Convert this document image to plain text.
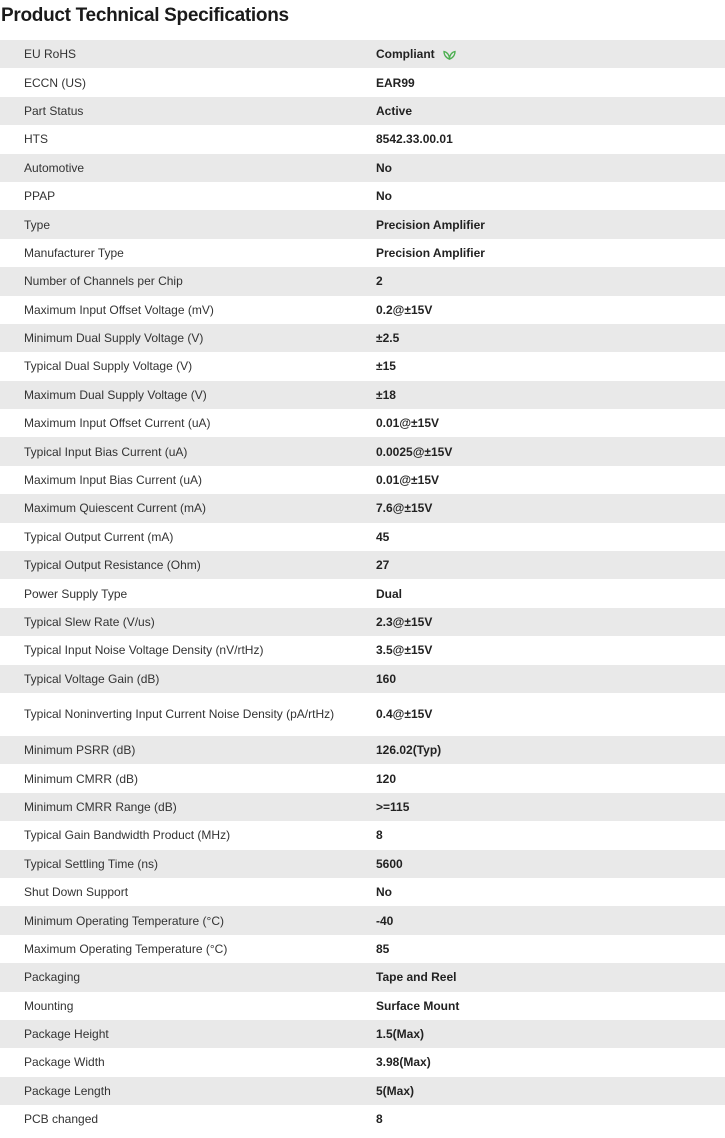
Product Technical Specifications
EU RoHS	Compliant
ECCN (US)	EAR99
Part Status	Active
HTS	8542.33.00.01
Automotive	No
PPAP	No
Type	Precision Amplifier
Manufacturer Type	Precision Amplifier
Number of Channels per Chip	2
Maximum Input Offset Voltage (mV)	0.2@±15V
Minimum Dual Supply Voltage (V)	±2.5
Typical Dual Supply Voltage (V)	±15
Maximum Dual Supply Voltage (V)	±18
Maximum Input Offset Current (uA)	0.01@±15V
Typical Input Bias Current (uA)	0.0025@±15V
Maximum Input Bias Current (uA)	0.01@±15V
Maximum Quiescent Current (mA)	7.6@±15V
Typical Output Current (mA)	45
Typical Output Resistance (Ohm)	27
Power Supply Type	Dual
Typical Slew Rate (V/us)	2.3@±15V
Typical Input Noise Voltage Density (nV/rtHz)	3.5@±15V
Typical Voltage Gain (dB)	160
Typical Noninverting Input Current Noise Density (pA/rtHz)	0.4@±15V
Minimum PSRR (dB)	126.02(Typ)
Minimum CMRR (dB)	120
Minimum CMRR Range (dB)	>=115
Typical Gain Bandwidth Product (MHz)	8
Typical Settling Time (ns)	5600
Shut Down Support	No
Minimum Operating Temperature (°C)	-40
Maximum Operating Temperature (°C)	85
Packaging	Tape and Reel
Mounting	Surface Mount
Package Height	1.5(Max)
Package Width	3.98(Max)
Package Length	5(Max)
PCB changed	8
